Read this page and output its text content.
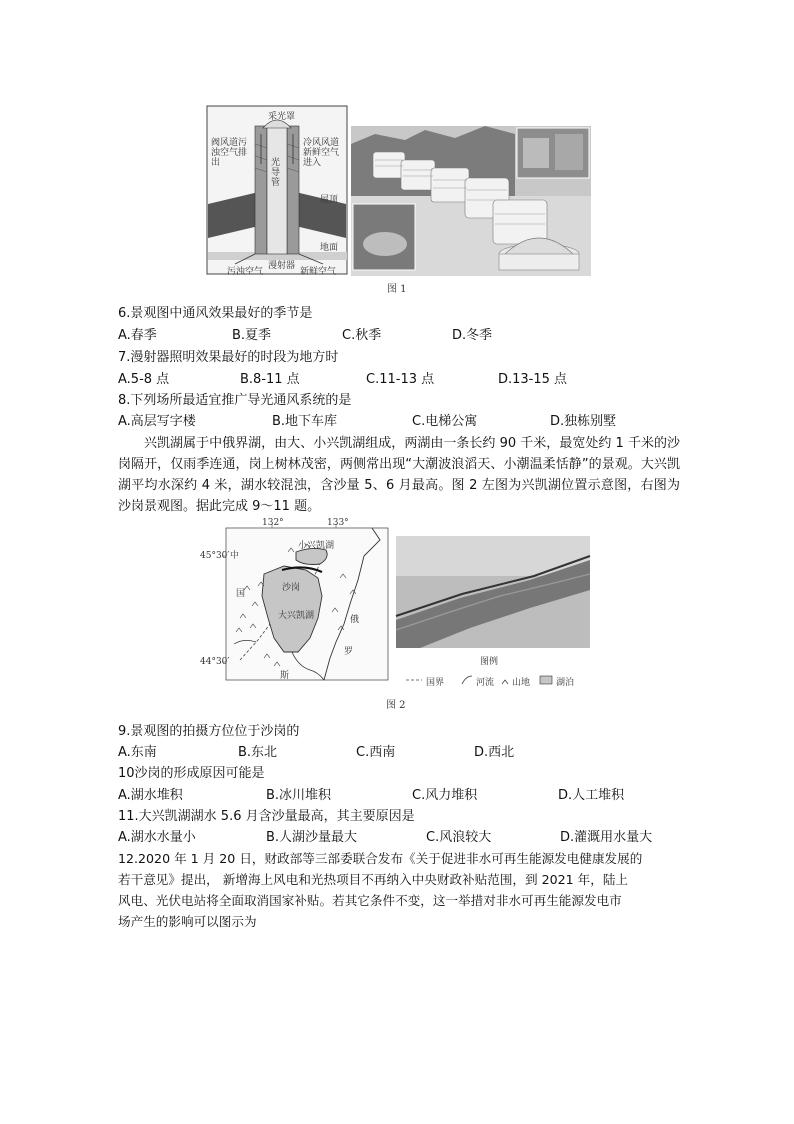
采光罩
阀风道污浊空气排出
冷风风道新鲜空气进入
光导管
屋顶
地面
污浊空气
漫射器
新鲜空气
图 1
6.景观图中通风效果最好的季节是
A.春季	B.夏季	C.秋季	D.冬季
7.漫射器照明效果最好的时段为地方时
A.5-8 点	B.8-11 点	C.11-13 点	D.13-15 点
8.下列场所最适宜推广导光通风系统的是
A.高层写字楼	B.地下车库	C.电梯公寓	D.独栋别墅
兴凯湖属于中俄界湖，由大、小兴凯湖组成，两湖由一条长约 90 千米，最宽处约 1 千米的沙岗隔开，仅雨季连通，岗上树林茂密，两侧常出现“大潮波浪滔天、小潮温柔恬静”的景观。大兴凯湖平均水深约 4 米，湖水较混浊，含沙量 5、6 月最高。图 2 左图为兴凯湖位置示意图，右图为沙岗景观图。据此完成 9～11 题。
132°	133°
45°30′
44°30′
小兴凯湖
沙岗
大兴凯湖
中
国
俄
罗
斯
图例
国界	河流 山地	湖泊
图 2
9.景观图的拍摄方位位于沙岗的
A.东南	B.东北	C.西南	D.西北
10沙岗的形成原因可能是
A.湖水堆积	B.冰川堆积	C.风力堆积	D.人工堆积
11.大兴凯湖湖水 5.6 月含沙量最高，其主要原因是
A.湖水水量小	B.人湖沙量最大	C.风浪较大	D.灌溉用水量大
12.2020 年 1 月 20 日，财政部等三部委联合发布《关于促进非水可再生能源发电健康发展的
若干意见》提出， 新增海上风电和光热项目不再纳入中央财政补贴范围，到 2021 年，陆上
风电、光伏电站将全面取消国家补贴。若其它条件不变，这一举措对非水可再生能源发电市
场产生的影响可以图示为
